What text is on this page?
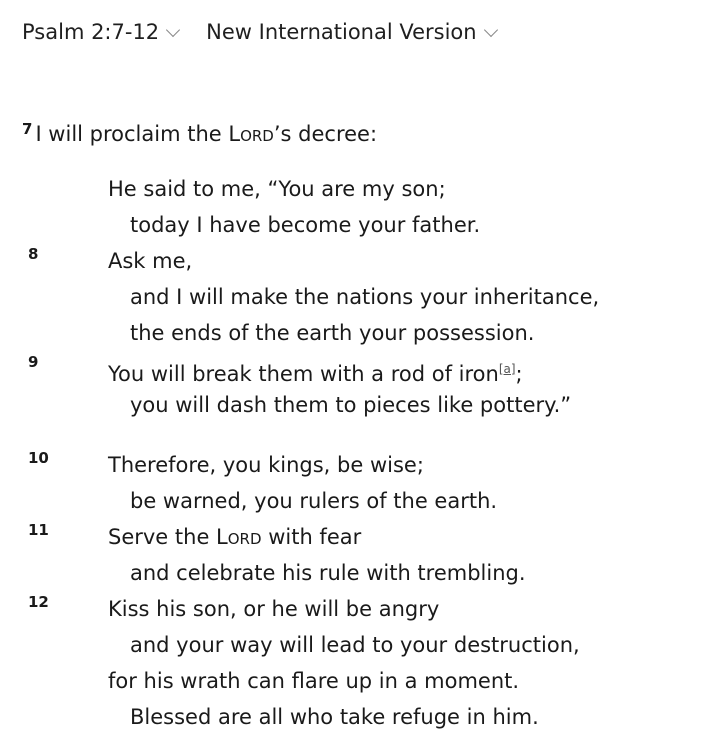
Psalm 2:7-12 New International Version
$^7$ I will proclaim the Lord’s decree:
He said to me, “You are my son;
today I have become your father.
8	Ask me,
and I will make the nations your inheritance,
the ends of the earth your possession.
9	You will break them with a rod of iron[a];
you will dash them to pieces like pottery.”
10	Therefore, you kings, be wise;
be warned, you rulers of the earth.
11	Serve the Lord with fear
and celebrate his rule with trembling.
12	Kiss his son, or he will be angry
and your way will lead to your destruction,
for his wrath can flare up in a moment.
Blessed are all who take refuge in him.
